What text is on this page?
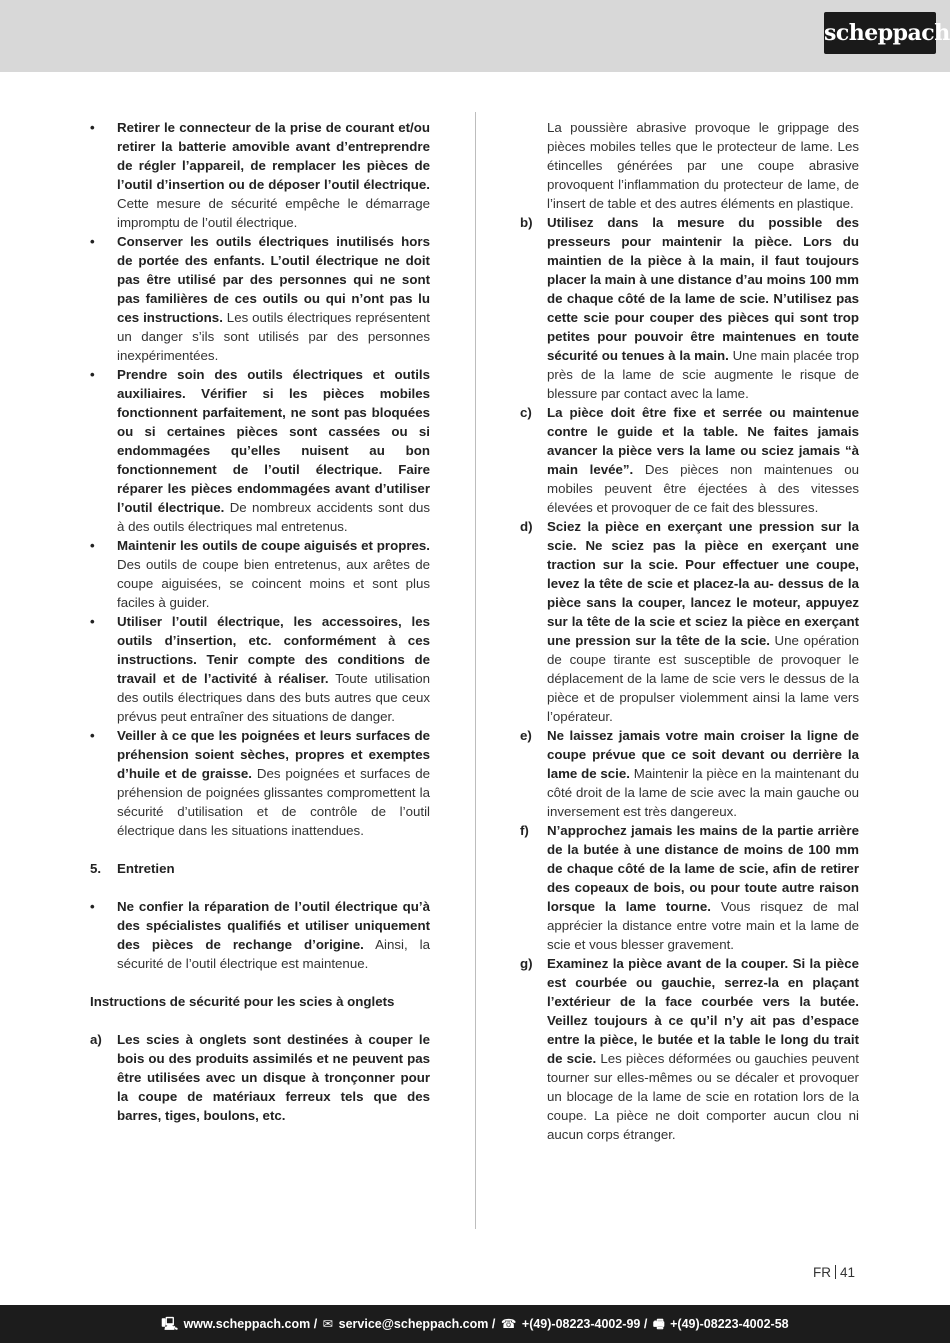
scheppach
• Retirer le connecteur de la prise de courant et/ou retirer la batterie amovible avant d’entreprendre de régler l’appareil, de remplacer les pièces de l’outil d’insertion ou de déposer l’outil électrique. Cette mesure de sécurité empêche le démarrage impromptu de l’outil électrique.
• Conserver les outils électriques inutilisés hors de portée des enfants. L’outil électrique ne doit pas être utilisé par des personnes qui ne sont pas familières de ces outils ou qui n’ont pas lu ces instructions. Les outils électriques représentent un danger s’ils sont utilisés par des personnes inexpérimentées.
• Prendre soin des outils électriques et outils auxiliaires. Vérifier si les pièces mobiles fonctionnent parfaitement, ne sont pas bloquées ou si certaines pièces sont cassées ou si endommagées qu’elles nuisent au bon fonctionnement de l’outil électrique. Faire réparer les pièces endommagées avant d’utiliser l’outil électrique. De nombreux accidents sont dus à des outils électriques mal entretenus.
• Maintenir les outils de coupe aiguisés et propres. Des outils de coupe bien entretenus, aux arêtes de coupe aiguisées, se coincent moins et sont plus faciles à guider.
• Utiliser l’outil électrique, les accessoires, les outils d’insertion, etc. conformément à ces instructions. Tenir compte des conditions de travail et de l’activité à réaliser. Toute utilisation des outils électriques dans des buts autres que ceux prévus peut entraîner des situations de danger.
• Veiller à ce que les poignées et leurs surfaces de préhension soient sèches, propres et exemptes d’huile et de graisse. Des poignées et surfaces de préhension de poignées glissantes compromettent la sécurité d’utilisation et de contrôle de l’outil électrique dans les situations inattendues.
5. Entretien
• Ne confier la réparation de l’outil électrique qu’à des spécialistes qualifiés et utiliser uniquement des pièces de rechange d’origine. Ainsi, la sécurité de l’outil électrique est maintenue.
Instructions de sécurité pour les scies à onglets
a) Les scies à onglets sont destinées à couper le bois ou des produits assimilés et ne peuvent pas être utilisées avec un disque à tronçonner pour la coupe de matériaux ferreux tels que des barres, tiges, boulons, etc.
La poussière abrasive provoque le grippage des pièces mobiles telles que le protecteur de lame. Les étincelles générées par une coupe abrasive provoquent l’inflammation du protecteur de lame, de l’insert de table et des autres éléments en plastique.
b) Utilisez dans la mesure du possible des presseurs pour maintenir la pièce. Lors du maintien de la pièce à la main, il faut toujours placer la main à une distance d’au moins 100 mm de chaque côté de la lame de scie. N’utilisez pas cette scie pour couper des pièces qui sont trop petites pour pouvoir être maintenues en toute sécurité ou tenues à la main. Une main placée trop près de la lame de scie augmente le risque de blessure par contact avec la lame.
c) La pièce doit être fixe et serrée ou maintenue contre le guide et la table. Ne faites jamais avancer la pièce vers la lame ou sciez jamais “à main levée”. Des pièces non maintenues ou mobiles peuvent être éjectées à des vitesses élevées et provoquer de ce fait des blessures.
d) Sciez la pièce en exerçant une pression sur la scie. Ne sciez pas la pièce en exerçant une traction sur la scie. Pour effectuer une coupe, levez la tête de scie et placez-la au- dessus de la pièce sans la couper, lancez le moteur, appuyez sur la tête de la scie et sciez la pièce en exerçant une pression sur la tête de la scie. Une opération de coupe tirante est susceptible de provoquer le déplacement de la lame de scie vers le dessus de la pièce et de propulser violemment ainsi la lame vers l’opérateur.
e) Ne laissez jamais votre main croiser la ligne de coupe prévue que ce soit devant ou derrière la lame de scie. Maintenir la pièce en la maintenant du côté droit de la lame de scie avec la main gauche ou inversement est très dangereux.
f) N’approchez jamais les mains de la partie arrière de la butée à une distance de moins de 100 mm de chaque côté de la lame de scie, afin de retirer des copeaux de bois, ou pour toute autre raison lorsque la lame tourne. Vous risquez de mal apprécier la distance entre votre main et la lame de scie et vous blesser gravement.
g) Examinez la pièce avant de la couper. Si la pièce est courbée ou gauchie, serrez-la en plaçant l’extérieur de la face courbée vers la butée. Veillez toujours à ce qu’il n’y ait pas d’espace entre la pièce, le butée et la table le long du trait de scie. Les pièces déformées ou gauchies peuvent tourner sur elles-mêmes ou se décaler et provoquer un blocage de la lame de scie en rotation lors de la coupe. La pièce ne doit comporter aucun clou ni aucun corps étranger.
FR 41
🖳 www.scheppach.com / ✉ service@scheppach.com / ☎ +(49)-08223-4002-99 / 🖷 +(49)-08223-4002-58
